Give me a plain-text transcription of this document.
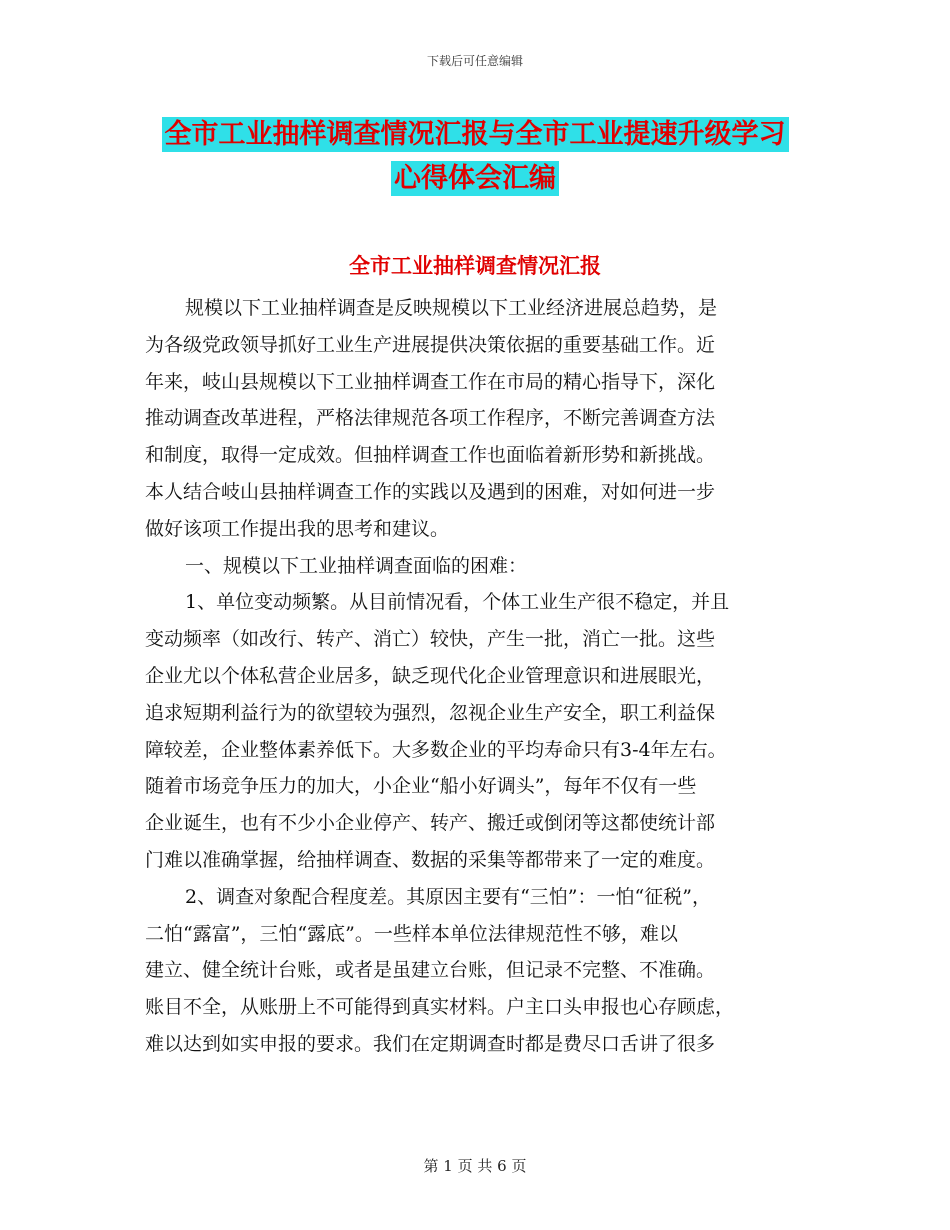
下载后可任意编辑
全市工业抽样调查情况汇报与全市工业提速升级学习
心得体会汇编
全市工业抽样调查情况汇报
规模以下工业抽样调查是反映规模以下工业经济进展总趋势，是
为各级党政领导抓好工业生产进展提供决策依据的重要基础工作。近
年来，岐山县规模以下工业抽样调查工作在市局的精心指导下，深化
推动调查改革进程，严格法律规范各项工作程序，不断完善调查方法
和制度，取得一定成效。但抽样调查工作也面临着新形势和新挑战。
本人结合岐山县抽样调查工作的实践以及遇到的困难，对如何进一步
做好该项工作提出我的思考和建议。
一、规模以下工业抽样调查面临的困难：
1、单位变动频繁。从目前情况看，个体工业生产很不稳定，并且
变动频率（如改行、转产、消亡）较快，产生一批，消亡一批。这些
企业尤以个体私营企业居多，缺乏现代化企业管理意识和进展眼光，
追求短期利益行为的欲望较为强烈，忽视企业生产安全，职工利益保
障较差，企业整体素养低下。大多数企业的平均寿命只有3-4年左右。
随着市场竞争压力的加大，小企业“船小好调头”，每年不仅有一些
企业诞生，也有不少小企业停产、转产、搬迁或倒闭等这都使统计部
门难以准确掌握，给抽样调查、数据的采集等都带来了一定的难度。
2、调查对象配合程度差。其原因主要有“三怕”：一怕“征税”，
二怕“露富”，三怕“露底”。一些样本单位法律规范性不够，难以
建立、健全统计台账，或者是虽建立台账，但记录不完整、不准确。
账目不全，从账册上不可能得到真实材料。户主口头申报也心存顾虑，
难以达到如实申报的要求。我们在定期调查时都是费尽口舌讲了很多
第 1 页 共 6 页
